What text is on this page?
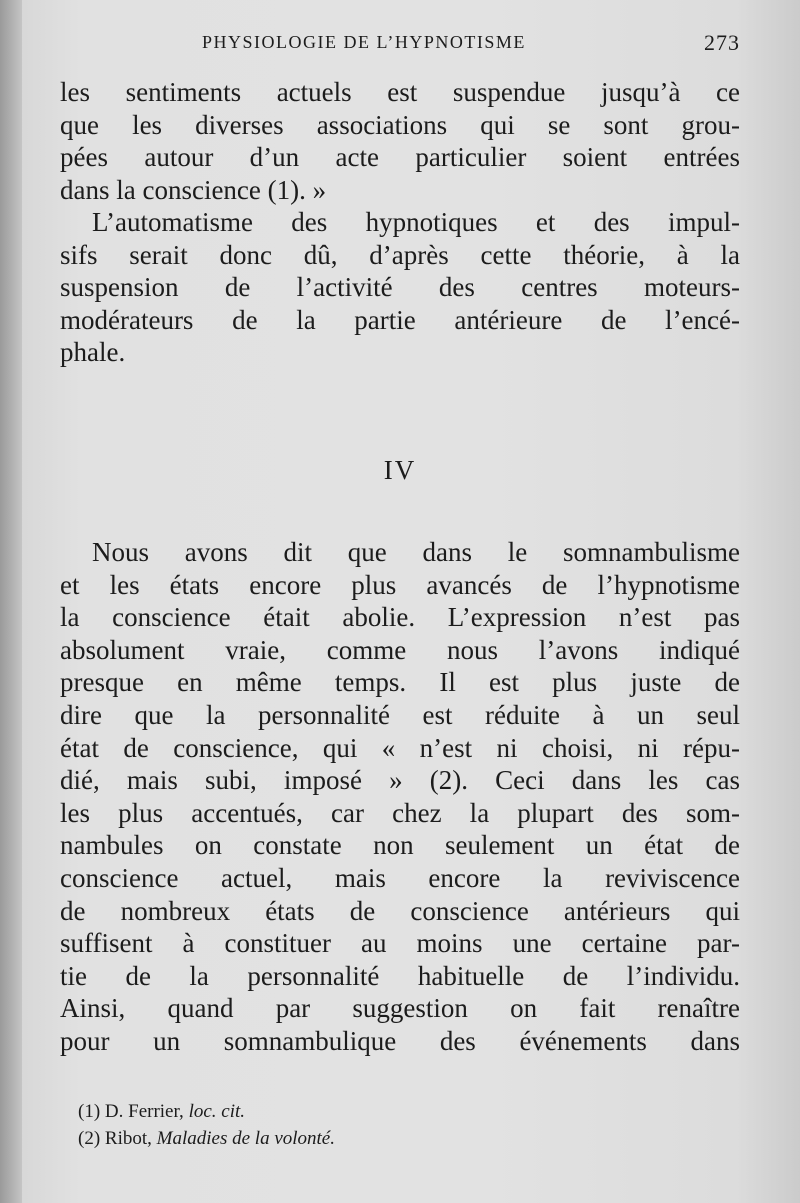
PHYSIOLOGIE DE L’HYPNOTISME	273
les sentiments actuels est suspendue jusqu’à ce
que les diverses associations qui se sont grou-
pées autour d’un acte particulier soient entrées
dans la conscience (1). »
L’automatisme des hypnotiques et des impul-
sifs serait donc dû, d’après cette théorie, à la
suspension de l’activité des centres moteurs-
modérateurs de la partie antérieure de l’encé-
phale.
IV
Nous avons dit que dans le somnambulisme
et les états encore plus avancés de l’hypnotisme
la conscience était abolie. L’expression n’est pas
absolument vraie, comme nous l’avons indiqué
presque en même temps. Il est plus juste de
dire que la personnalité est réduite à un seul
état de conscience, qui « n’est ni choisi, ni répu-
dié, mais subi, imposé » (2). Ceci dans les cas
les plus accentués, car chez la plupart des som-
nambules on constate non seulement un état de
conscience actuel, mais encore la reviviscence
de nombreux états de conscience antérieurs qui
suffisent à constituer au moins une certaine par-
tie de la personnalité habituelle de l’individu.
Ainsi, quand par suggestion on fait renaître
pour un somnambulique des événements dans
(1) D. Ferrier, loc. cit.
(2) Ribot, Maladies de la volonté.
